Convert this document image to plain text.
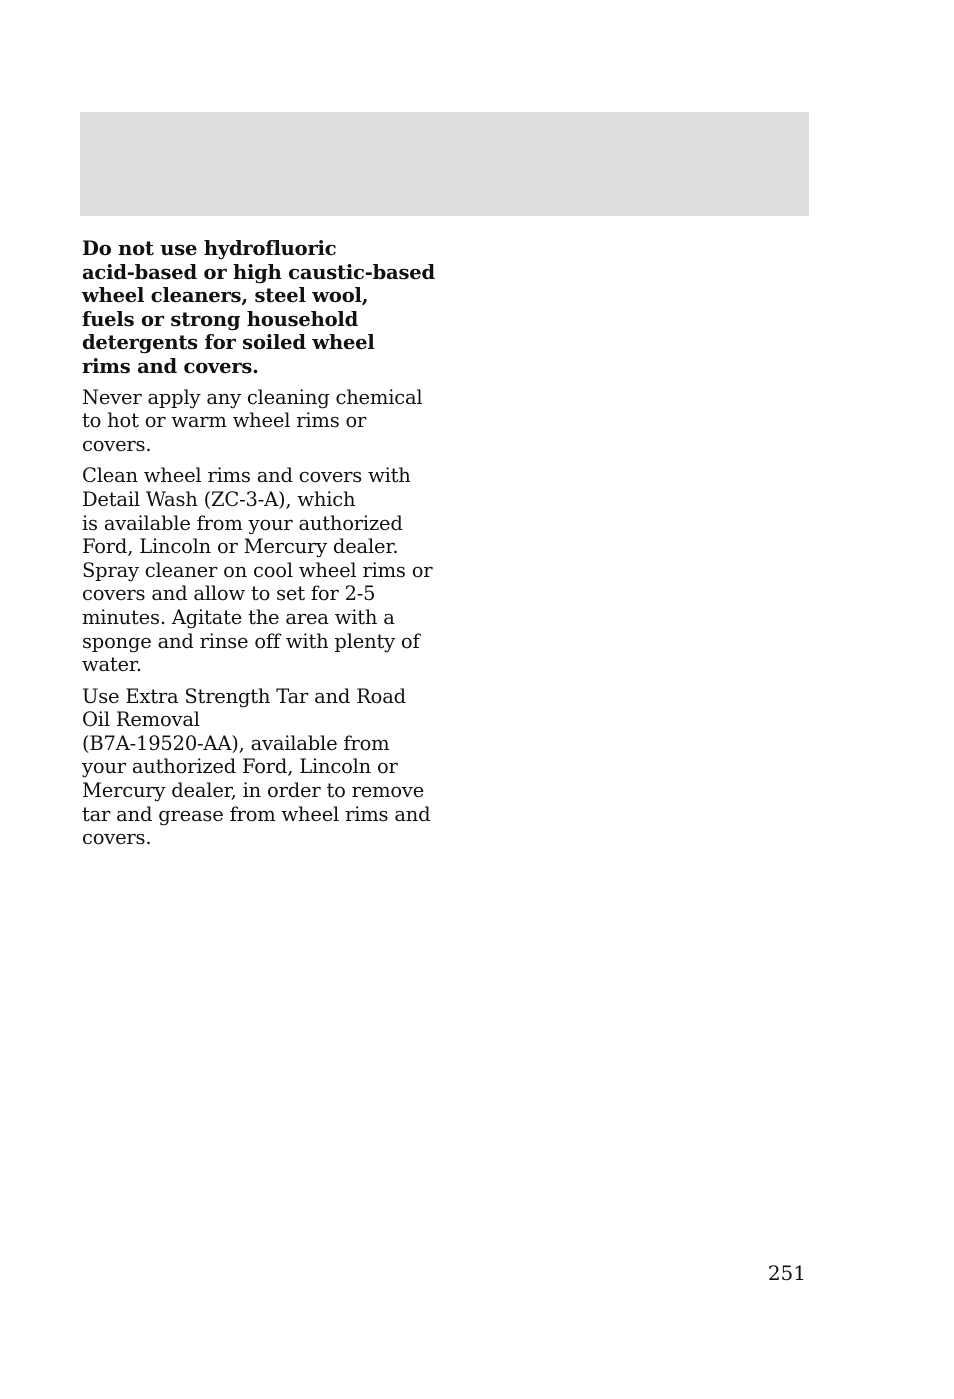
Do not use hydrofluoric
acid-based or high caustic-based
wheel cleaners, steel wool,
fuels or strong household
detergents for soiled wheel
rims and covers.

Never apply any cleaning chemical
to hot or warm wheel rims or
covers.

Clean wheel rims and covers with
Detail Wash (ZC-3-A), which
is available from your authorized
Ford, Lincoln or Mercury dealer.
Spray cleaner on cool wheel rims or
covers and allow to set for 2-5
minutes. Agitate the area with a
sponge and rinse off with plenty of
water.

Use Extra Strength Tar and Road
Oil Removal
(B7A-19520-AA), available from
your authorized Ford, Lincoln or
Mercury dealer, in order to remove
tar and grease from wheel rims and
covers.

251
